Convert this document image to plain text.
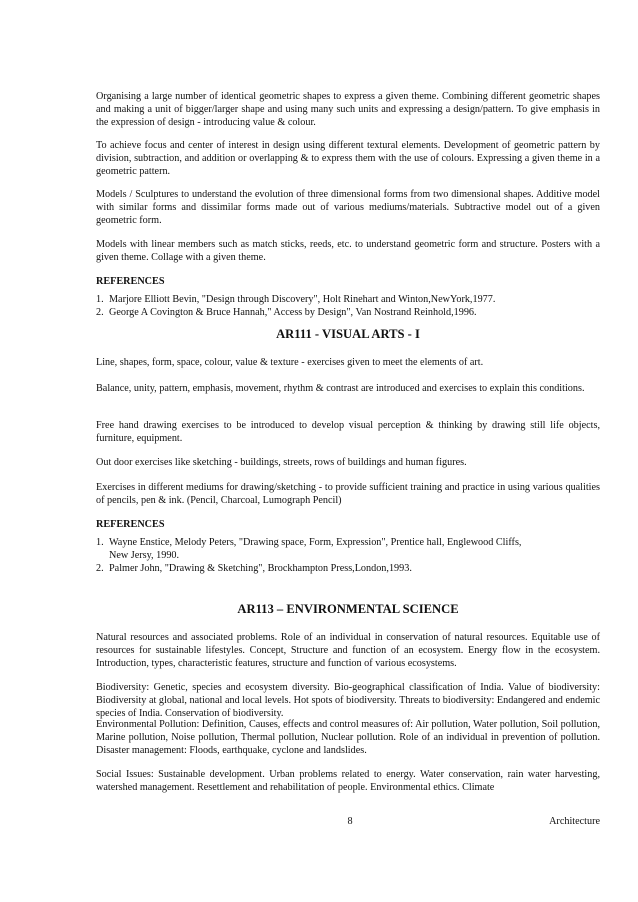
Organising a large number of identical geometric shapes to express a given theme. Combining different geometric shapes and making a unit of bigger/larger shape and using many such units and expressing a design/pattern. To give emphasis in the expression of design - introducing value & colour.

To achieve focus and center of interest in design using different textural elements. Development of geometric pattern by division, subtraction, and addition or overlapping & to express them with the use of colours. Expressing a given theme in a geometric pattern.

Models / Sculptures to understand the evolution of three dimensional forms from two dimensional shapes. Additive model with similar forms and dissimilar forms made out of various mediums/materials. Subtractive model out of a given geometric form.

Models with linear members such as match sticks, reeds, etc. to understand geometric form and structure. Posters with a given theme. Collage with a given theme.

REFERENCES

1. Marjore Elliott Bevin, "Design through Discovery", Holt Rinehart and Winton,NewYork,1977.
2. George A Covington & Bruce Hannah," Access by Design", Van Nostrand Reinhold,1996.
AR111 - VISUAL ARTS - I

Line, shapes, form, space, colour, value & texture - exercises given to meet the elements of art.

Balance, unity, pattern, emphasis, movement, rhythm & contrast are introduced and exercises to explain this conditions.

Free hand drawing exercises to be introduced to develop visual perception & thinking by drawing still life objects, furniture, equipment.

Out door exercises like sketching - buildings, streets, rows of buildings and human figures.

Exercises in different mediums for drawing/sketching - to provide sufficient training and practice in using various qualities of pencils, pen & ink. (Pencil, Charcoal, Lumograph Pencil)

REFERENCES

1. Wayne Enstice, Melody Peters, "Drawing space, Form, Expression", Prentice hall, Englewood Cliffs,
New Jersy, 1990.
2. Palmer John, "Drawing & Sketching", Brockhampton Press,London,1993.
AR113 – ENVIRONMENTAL SCIENCE

Natural resources and associated problems. Role of an individual in conservation of natural resources. Equitable use of resources for sustainable lifestyles. Concept, Structure and function of an ecosystem. Energy flow in the ecosystem. Introduction, types, characteristic features, structure and function of various ecosystems.

Biodiversity: Genetic, species and ecosystem diversity. Bio-geographical classification of India. Value of biodiversity: Biodiversity at global, national and local levels. Hot spots of biodiversity. Threats to biodiversity: Endangered and endemic species of India. Conservation of biodiversity.

Environmental Pollution: Definition, Causes, effects and control measures of: Air pollution, Water pollution, Soil pollution, Marine pollution, Noise pollution, Thermal pollution, Nuclear pollution. Role of an individual in prevention of pollution. Disaster management: Floods, earthquake, cyclone and landslides.

Social Issues: Sustainable development. Urban problems related to energy. Water conservation, rain water harvesting, watershed management. Resettlement and rehabilitation of people. Environmental ethics. Climate

8	Architecture
